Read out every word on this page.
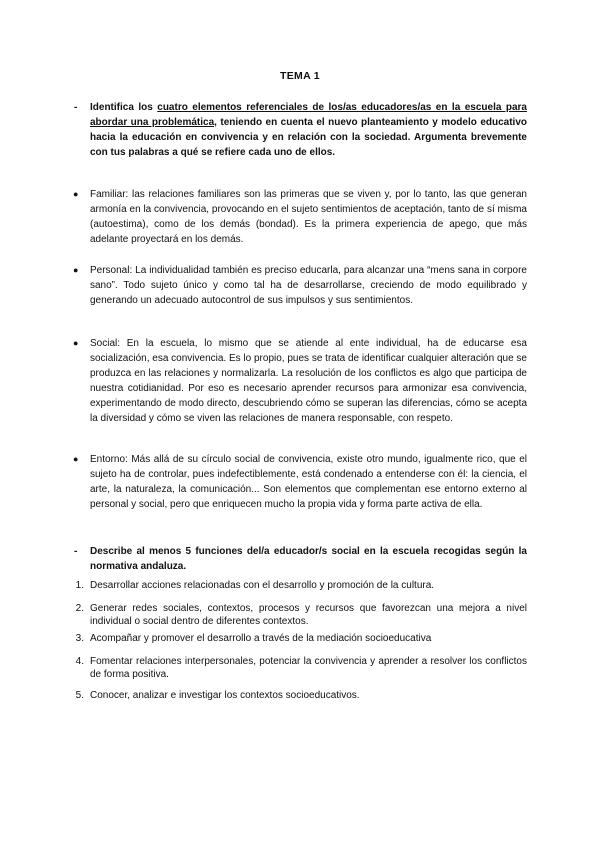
TEMA 1
- Identifica los cuatro elementos referenciales de los/as educadores/as en la escuela para abordar una problemática, teniendo en cuenta el nuevo planteamiento y modelo educativo hacia la educación en convivencia y en relación con la sociedad. Argumenta brevemente con tus palabras a qué se refiere cada uno de ellos.

● Familiar: las relaciones familiares son las primeras que se viven y, por lo tanto, las que generan armonía en la convivencia, provocando en el sujeto sentimientos de aceptación, tanto de sí misma (autoestima), como de los demás (bondad). Es la primera experiencia de apego, que más adelante proyectará en los demás.

● Personal: La individualidad también es preciso educarla, para alcanzar una “mens sana in corpore sano”. Todo sujeto único y como tal ha de desarrollarse, creciendo de modo equilibrado y generando un adecuado autocontrol de sus impulsos y sus sentimientos.

● Social: En la escuela, lo mismo que se atiende al ente individual, ha de educarse esa socialización, esa convivencia. Es lo propio, pues se trata de identificar cualquier alteración que se produzca en las relaciones y normalizarla. La resolución de los conflictos es algo que participa de nuestra cotidianidad. Por eso es necesario aprender recursos para armonizar esa convivencia, experimentando de modo directo, descubriendo cómo se superan las diferencias, cómo se acepta la diversidad y cómo se viven las relaciones de manera responsable, con respeto.

● Entorno: Más allá de su círculo social de convivencia, existe otro mundo, igualmente rico, que el sujeto ha de controlar, pues indefectiblemente, está condenado a entenderse con él: la ciencia, el arte, la naturaleza, la comunicación... Son elementos que complementan ese entorno externo al personal y social, pero que enriquecen mucho la propia vida y forma parte activa de ella.

- Describe al menos 5 funciones del/a educador/s social en la escuela recogidas según la normativa andaluza.

1. Desarrollar acciones relacionadas con el desarrollo y promoción de la cultura.

2. Generar redes sociales, contextos, procesos y recursos que favorezcan una mejora a nivel individual o social dentro de diferentes contextos.

3. Acompañar y promover el desarrollo a través de la mediación socioeducativa

4. Fomentar relaciones interpersonales, potenciar la convivencia y aprender a resolver los conflictos de forma positiva.

5. Conocer, analizar e investigar los contextos socioeducativos.
